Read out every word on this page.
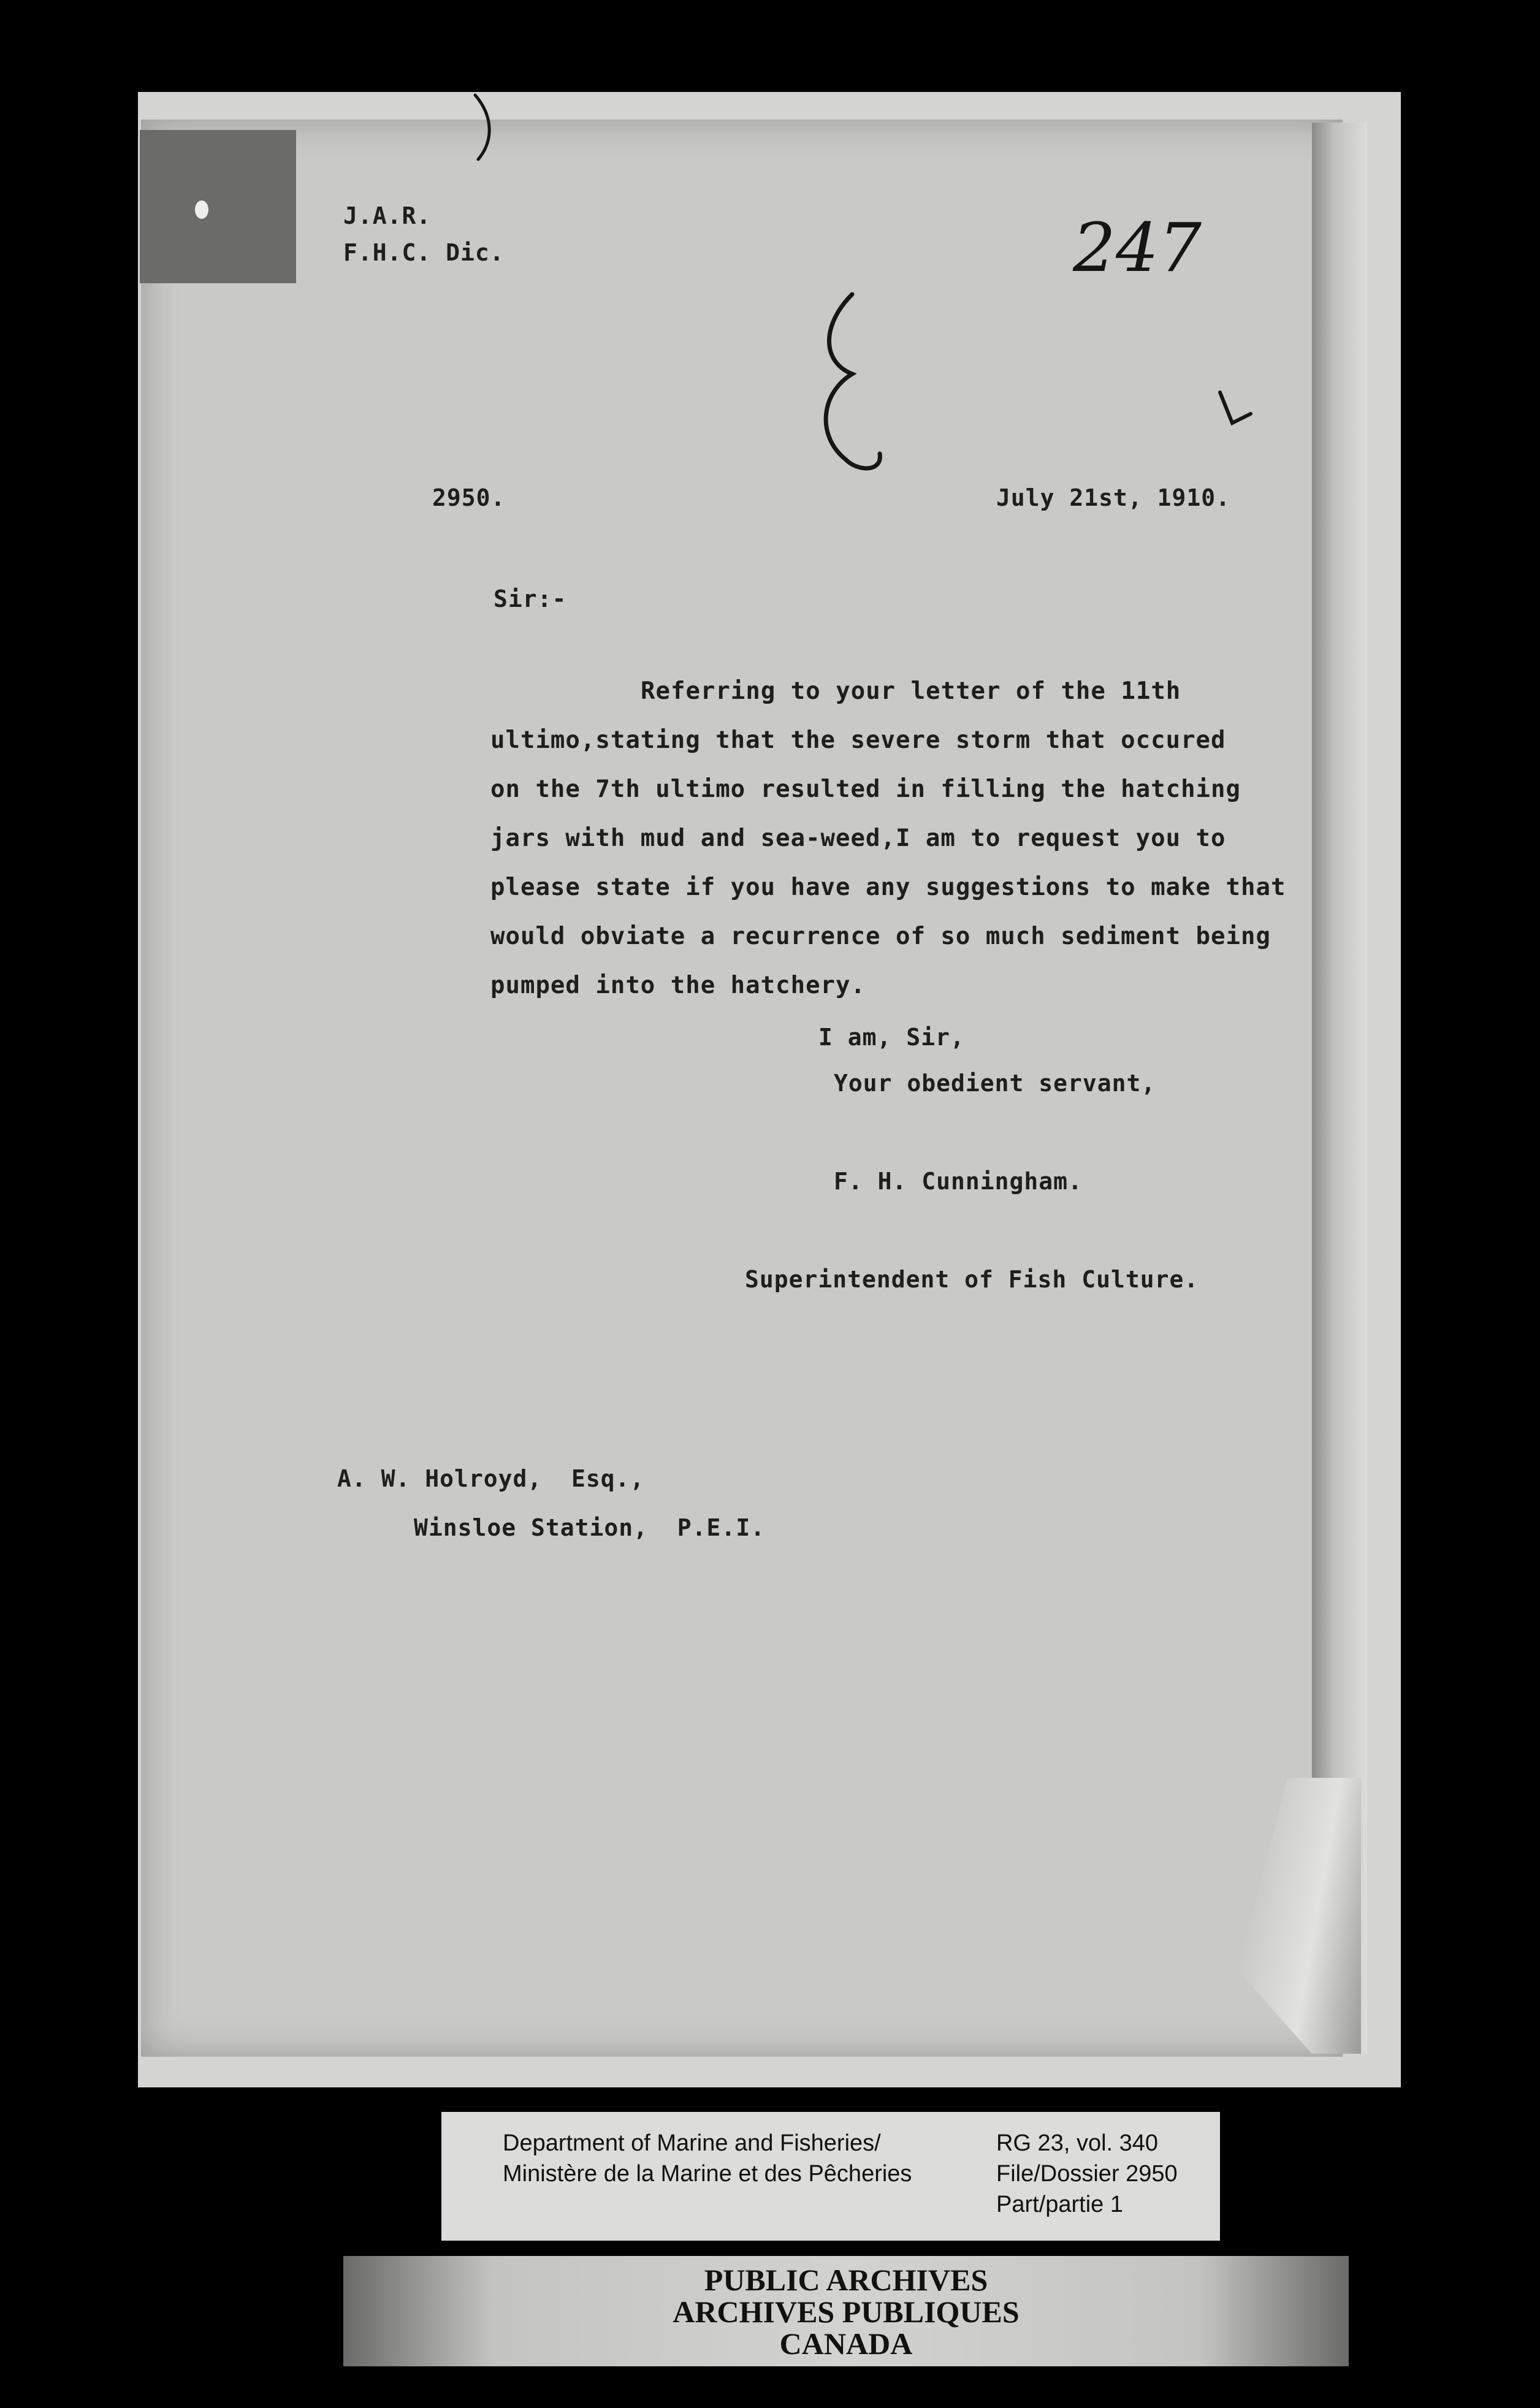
J.A.R.
F.H.C. Dic.	247
2950.	July 21st, 1910.
Sir:-
Referring to your letter of the 11th
ultimo,stating that the severe storm that occured
on the 7th ultimo resulted in filling the hatching
jars with mud and sea-weed,I am to request you to
please state if you have any suggestions to make that
would obviate a recurrence of so much sediment being
pumped into the hatchery.
I am, Sir,
Your obedient servant,
F. H. Cunningham.
Superintendent of Fish Culture.
A. W. Holroyd,  Esq.,
Winsloe Station,  P.E.I.
Department of Marine and Fisheries/
Ministère de la Marine et des Pêcheries
RG 23, vol. 340
File/Dossier 2950
Part/partie 1
PUBLIC ARCHIVES
ARCHIVES PUBLIQUES
CANADA
